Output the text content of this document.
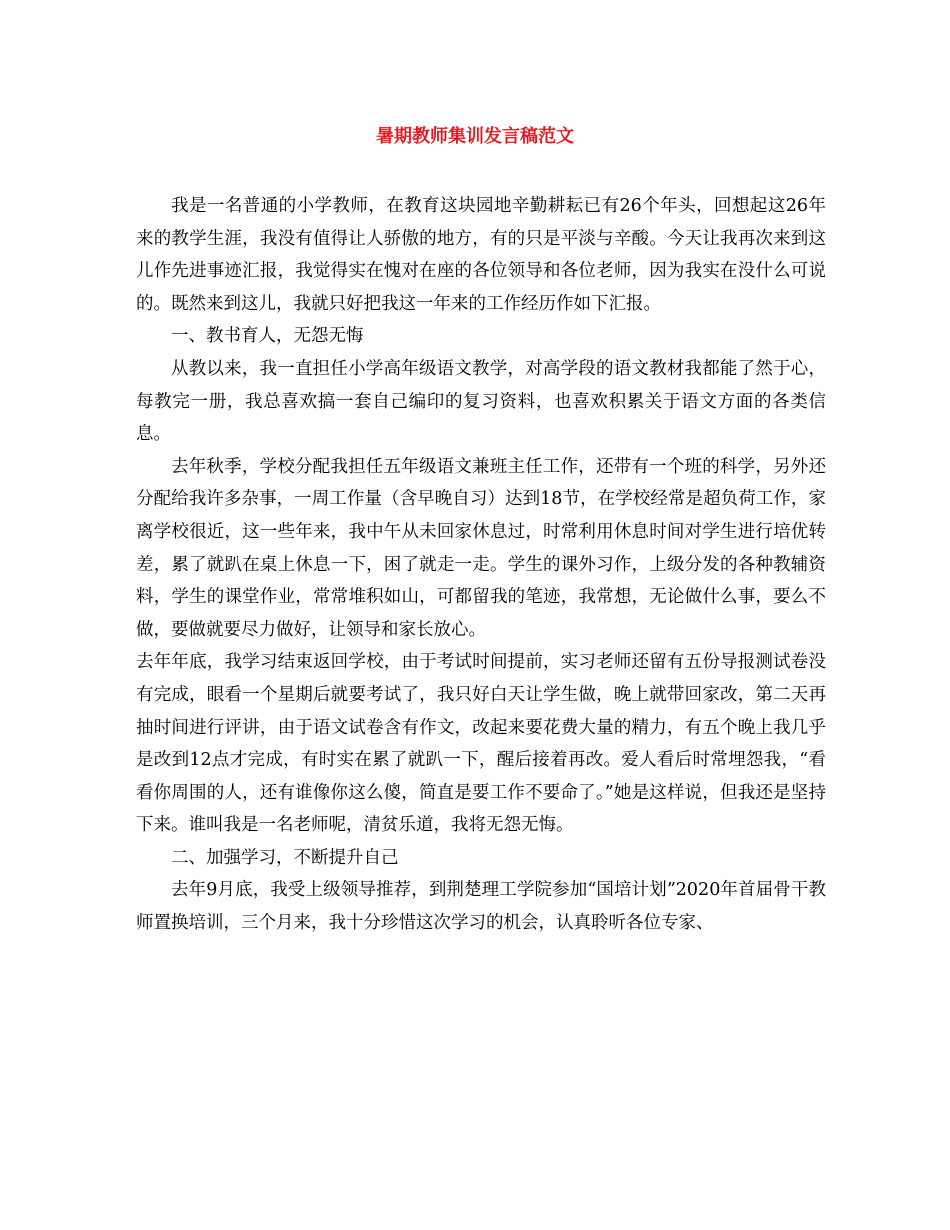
暑期教师集训发言稿范文

我是一名普通的小学教师，在教育这块园地辛勤耕耘已有26个年头，回想起这26年来的教学生涯，我没有值得让人骄傲的地方，有的只是平淡与辛酸。今天让我再次来到这儿作先进事迹汇报，我觉得实在愧对在座的各位领导和各位老师，因为我实在没什么可说的。既然来到这儿，我就只好把我这一年来的工作经历作如下汇报。

一、教书育人，无怨无悔

从教以来，我一直担任小学高年级语文教学，对高学段的语文教材我都能了然于心，每教完一册，我总喜欢搞一套自己编印的复习资料，也喜欢积累关于语文方面的各类信息。

去年秋季，学校分配我担任五年级语文兼班主任工作，还带有一个班的科学，另外还分配给我许多杂事，一周工作量（含早晚自习）达到18节，在学校经常是超负荷工作，家离学校很近，这一些年来，我中午从未回家休息过，时常利用休息时间对学生进行培优转差，累了就趴在桌上休息一下，困了就走一走。学生的课外习作，上级分发的各种教辅资料，学生的课堂作业，常常堆积如山，可都留我的笔迹，我常想，无论做什么事，要么不做，要做就要尽力做好，让领导和家长放心。

去年年底，我学习结束返回学校，由于考试时间提前，实习老师还留有五份导报测试卷没有完成，眼看一个星期后就要考试了，我只好白天让学生做，晚上就带回家改，第二天再抽时间进行评讲，由于语文试卷含有作文，改起来要花费大量的精力，有五个晚上我几乎是改到12点才完成，有时实在累了就趴一下，醒后接着再改。爱人看后时常埋怨我，“看看你周围的人，还有谁像你这么傻，简直是要工作不要命了。”她是这样说，但我还是坚持下来。谁叫我是一名老师呢，清贫乐道，我将无怨无悔。

二、加强学习，不断提升自己

去年9月底，我受上级领导推荐，到荆楚理工学院参加“国培计划”2020年首届骨干教师置换培训，三个月来，我十分珍惜这次学习的机会，认真聆听各位专家、
